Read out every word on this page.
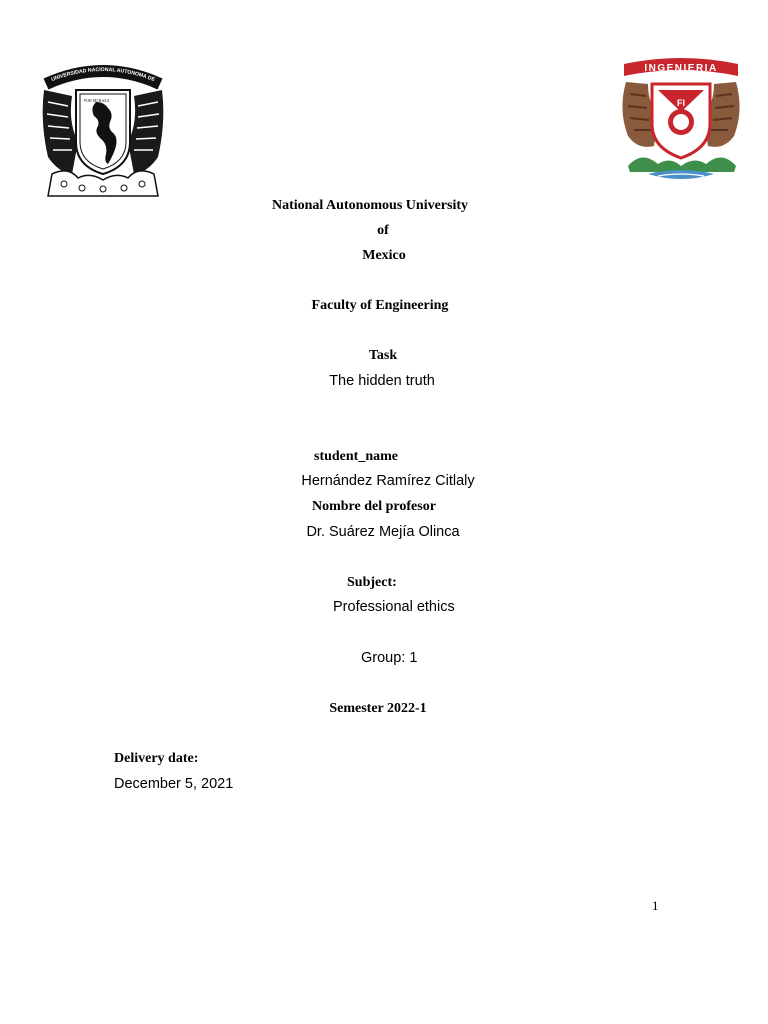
UNIVERSIDAD NACIONAL AUTONOMA DE
POR MI RAZA
INGENIERIA
FI
National Autonomous University
of
Mexico
Faculty of Engineering
Task
The hidden truth
student_name
Hernández Ramírez Citlaly
Nombre del profesor
Dr. Suárez Mejía Olinca
Subject:
Professional ethics
Group: 1
Semester 2022-1
Delivery date:
December 5, 2021
1
